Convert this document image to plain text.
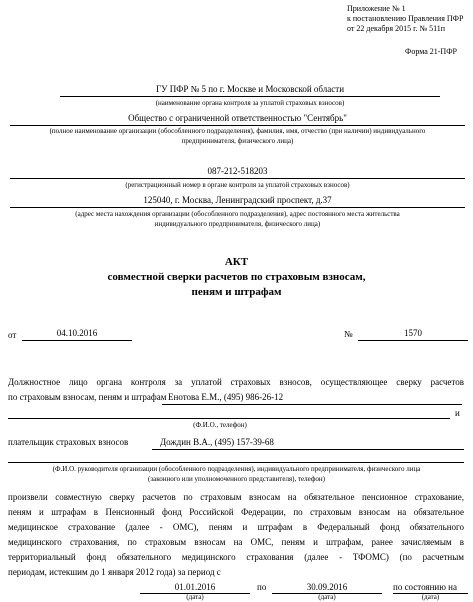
Приложение № 1
к постановлению Правления ПФР
от 22 декабря 2015 г. № 511п
Форма 21-ПФР
ГУ ПФР № 5 по г. Москве и Московской области
(наименование органа контроля за уплатой страховых взносов)
Общество с ограниченной ответственностью "Сентябрь"
(полное наименование организации (обособленного подразделения), фамилия, имя, отчество (при наличии) индивидуального
предпринимателя, физического лица)
087-212-518203
(регистрационный номер в органе контроля за уплатой страховых взносов)
125040, г. Москва, Ленинградский проспект, д.37
(адрес места нахождения организации (обособленного подразделения), адрес постоянного места жительства
индивидуального предпринимателя, физического лица)
АКТ
совместной сверки расчетов по страховым взносам,
пеням и штрафам
от	04.10.2016	№	1570
Должностное лицо органа контроля за уплатой страховых взносов, осуществляющее сверку расчетов
по страховым взносам, пеням и штрафам Енотова Е.М., (495) 986-26-12
и
(Ф.И.О., телефон)
плательщик страховых взносов	Дождин В.А., (495) 157-39-68
(Ф.И.О. руководителя организации (обособленного подразделения), индивидуального предпринимателя, физического лица
(законного или уполномоченного представителя), телефон)
произвели совместную сверку расчетов по страховым взносам на обязательное пенсионное страхование,
пеням и штрафам в Пенсионный фонд Российской Федерации, по страховым взносам на обязательное
медицинское страхование (далее - ОМС), пеням и штрафам в Федеральный фонд обязательного
медицинского страхования, по страховым взносам на ОМС, пеням и штрафам, ранее зачисляемым в
территориальный фонд обязательного медицинского страхования (далее - ТФОМС) (по расчетным
периодам, истекшим до 1 января 2012 года) за период с
01.01.2016
(дата)
по	30.09.2016
(дата)
по состоянию на
(дата)
